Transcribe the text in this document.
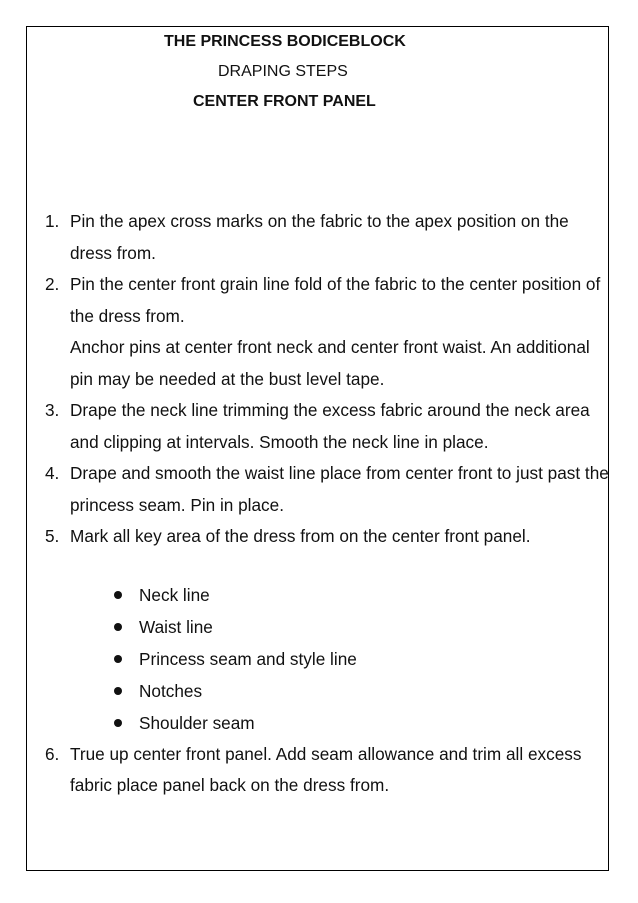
THE PRINCESS BODICEBLOCK

DRAPING STEPS

CENTER FRONT PANEL

1. Pin the apex cross marks on the fabric to the apex position on the dress from.
2. Pin the center front grain line fold of the fabric to the center position of the dress from.
Anchor pins at center front neck and center front waist. An additional pin may be needed at the bust level tape.
3. Drape the neck line trimming the excess fabric around the neck area and clipping at intervals. Smooth the neck line in place.
4. Drape and smooth the waist line place from center front to just past the princess seam. Pin in place.
5. Mark all key area of the dress from on the center front panel.
Neck line
Waist line
Princess seam and style line
Notches
Shoulder seam
6. True up center front panel. Add seam allowance and trim all excess fabric place panel back on the dress from.
